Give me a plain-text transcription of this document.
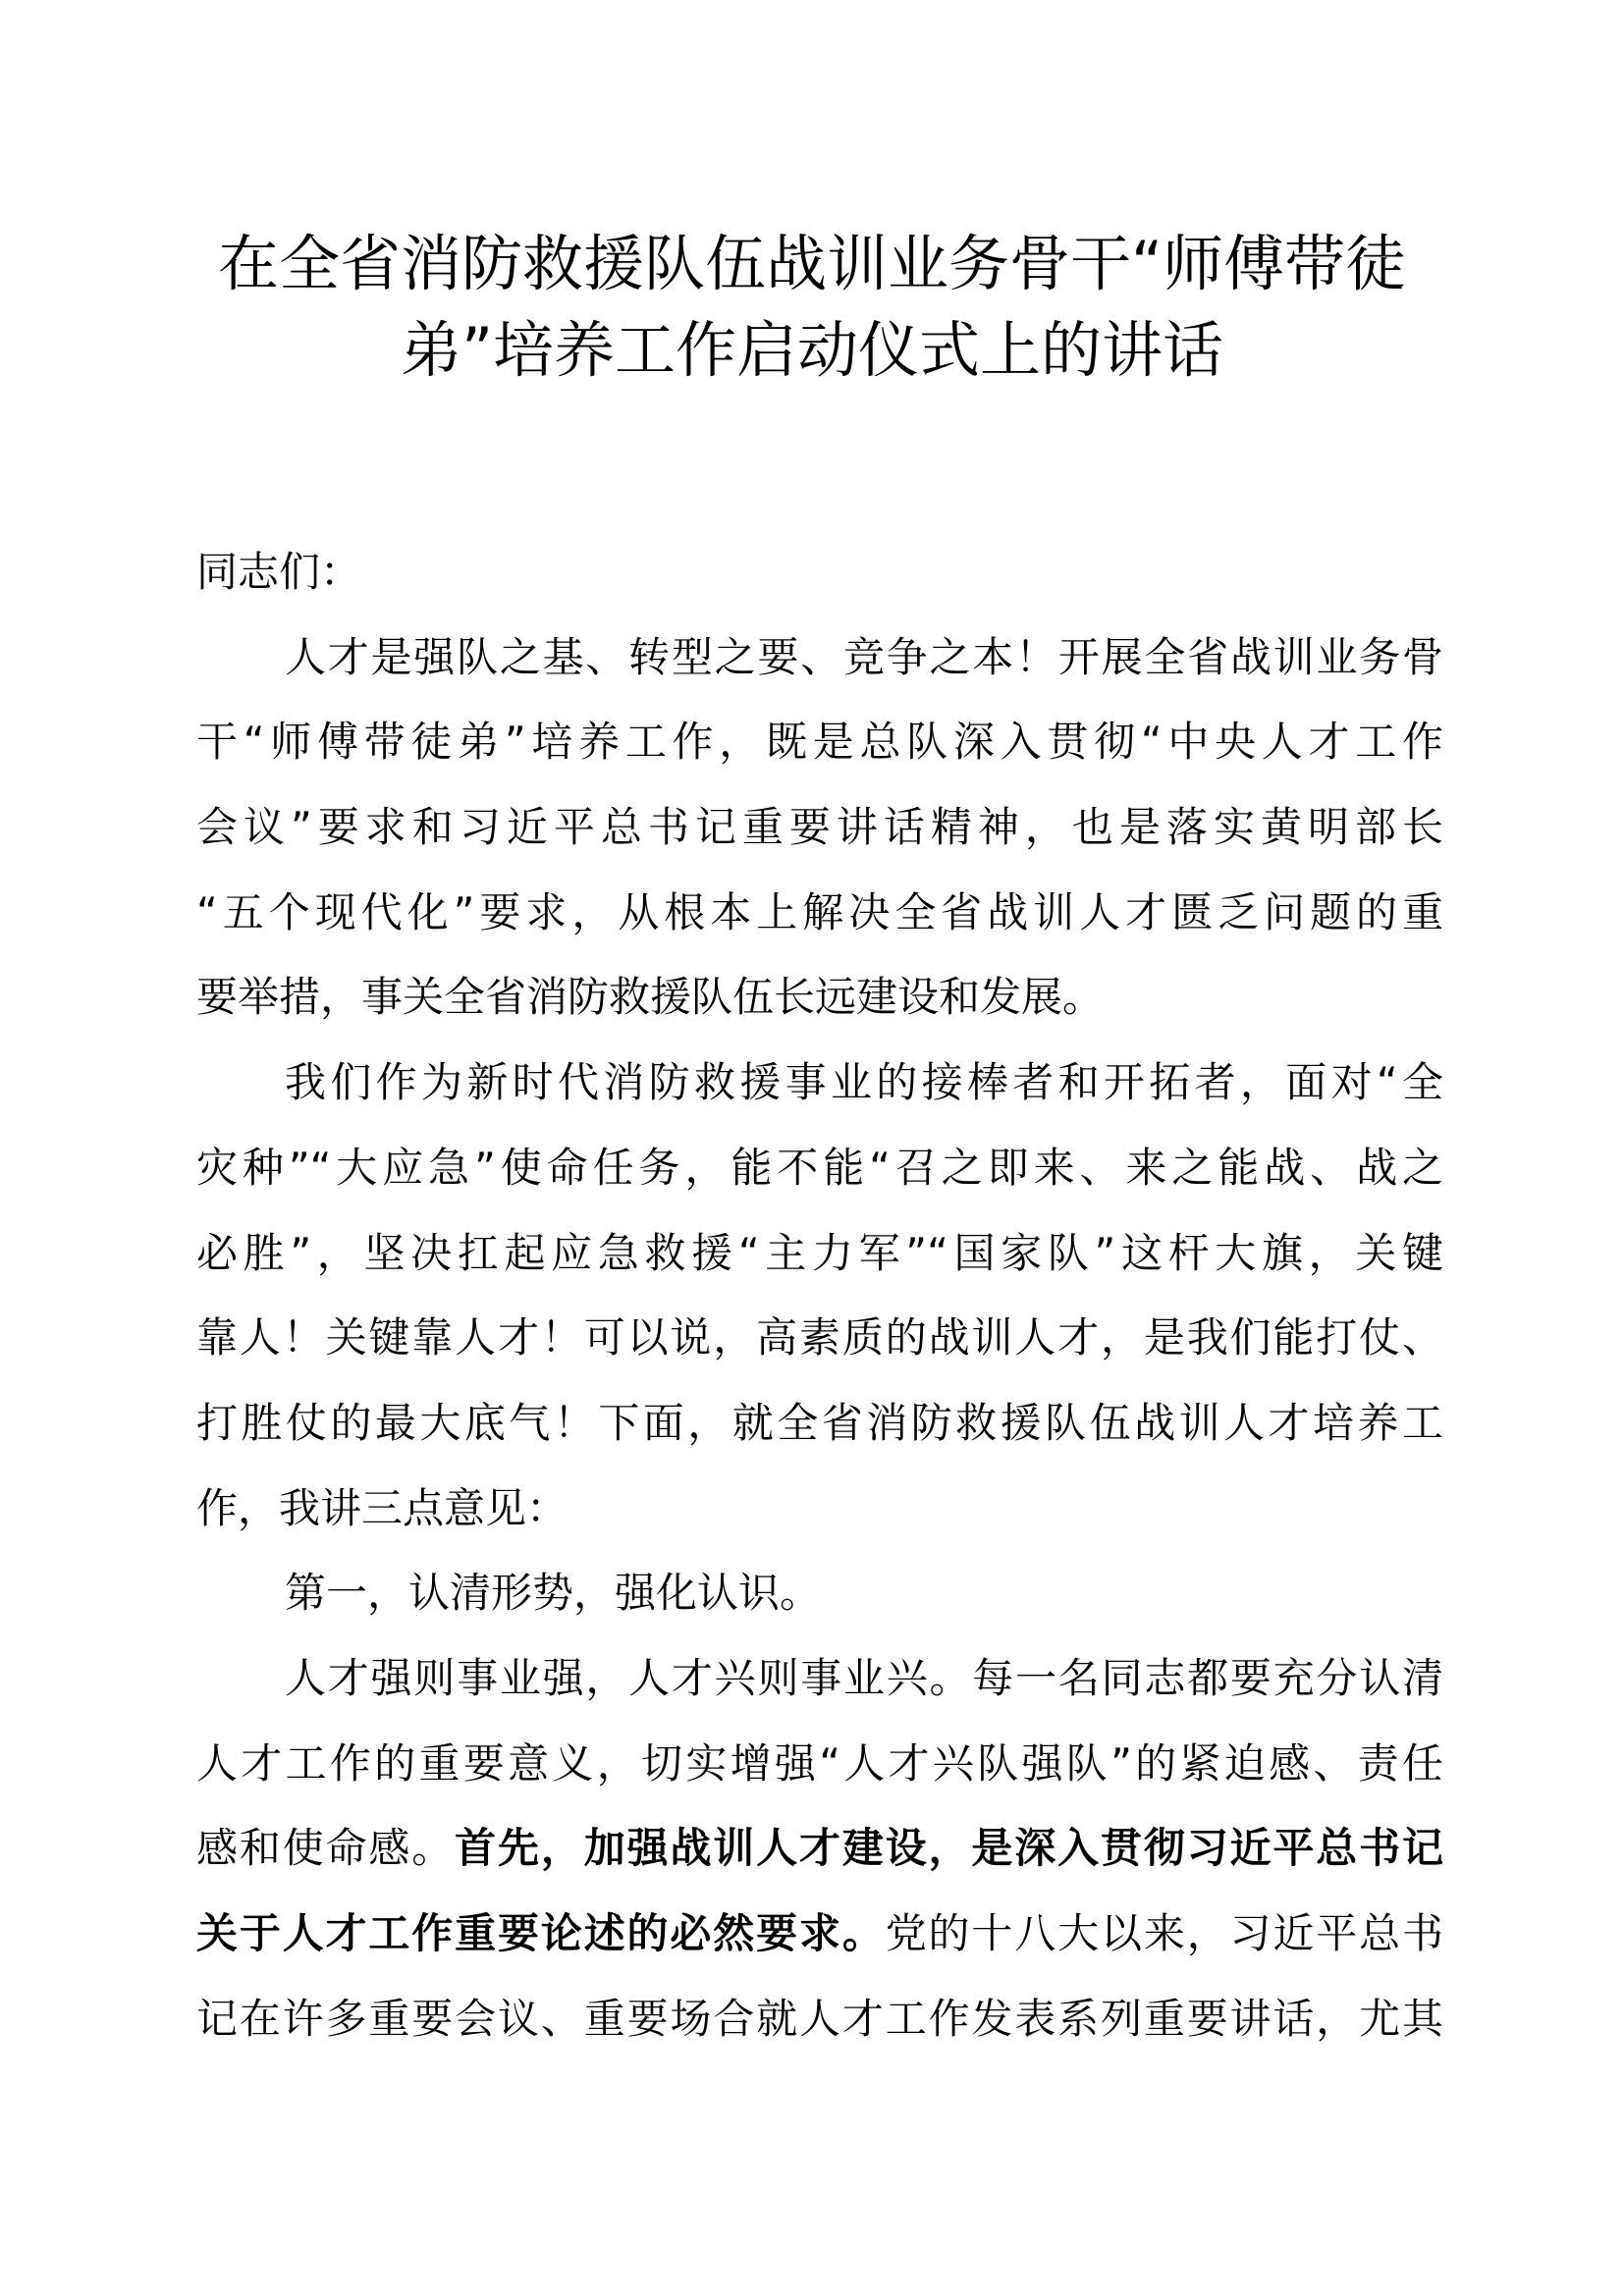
在全省消防救援队伍战训业务骨干“师傅带徒
弟”培养工作启动仪式上的讲话
同志们：
人才是强队之基、转型之要、竞争之本！开展全省战训业务骨
干“师傅带徒弟”培养工作，既是总队深入贯彻“中央人才工作
会议”要求和习近平总书记重要讲话精神，也是落实黄明部长
“五个现代化”要求，从根本上解决全省战训人才匮乏问题的重
要举措，事关全省消防救援队伍长远建设和发展。
我们作为新时代消防救援事业的接棒者和开拓者，面对“全
灾种”“大应急”使命任务，能不能“召之即来、来之能战、战之
必胜”，坚决扛起应急救援“主力军”“国家队”这杆大旗，关键
靠人！关键靠人才！可以说，高素质的战训人才，是我们能打仗、
打胜仗的最大底气！下面，就全省消防救援队伍战训人才培养工
作，我讲三点意见：
第一，认清形势，强化认识。
人才强则事业强，人才兴则事业兴。每一名同志都要充分认清
人才工作的重要意义，切实增强“人才兴队强队”的紧迫感、责任
感和使命感。首先，加强战训人才建设，是深入贯彻习近平总书记
关于人才工作重要论述的必然要求。党的十八大以来，习近平总书
记在许多重要会议、重要场合就人才工作发表系列重要讲话，尤其
